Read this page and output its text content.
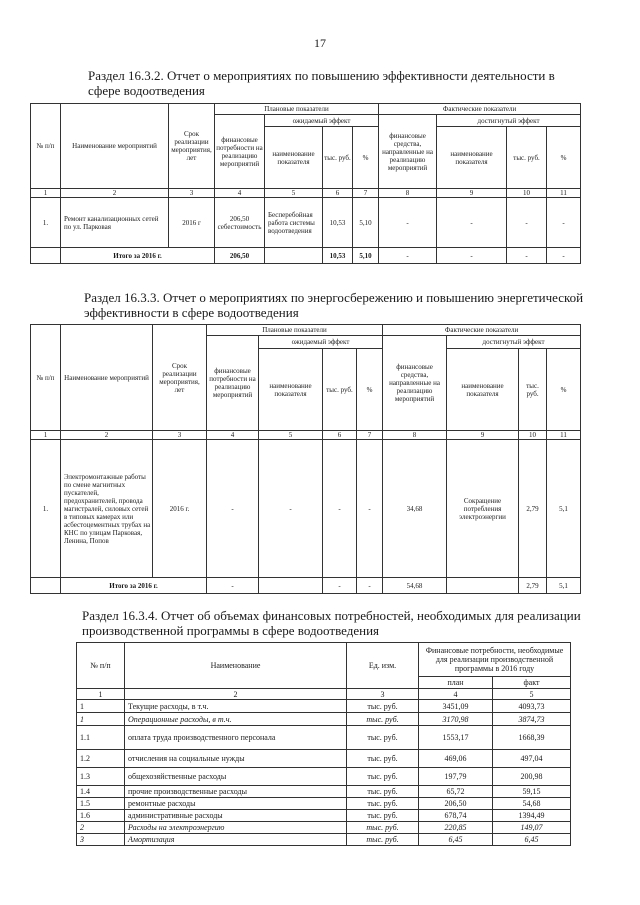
17
Раздел 16.3.2. Отчет о мероприятиях по повышению эффективности деятельности в сфере водоотведения
№ п/п	Наименование мероприятий	Срок реализации мероприятия, лет	Плановые показатели				Фактические показатели			
			финансовые потребности на реализацию мероприятий	ожидаемый эффект			финансовые средства, направленные на реализацию мероприятий	достигнутый эффект		
				наименование показателя	тыс. руб.	%		наименование показателя	тыс. руб.	%
1	2	3	4	5	6	7	8	9	10	11
1.	Ремонт канализационных сетей по ул. Парковая	2016 г	206,50 себестоимость	Бесперебойная работа системы водоотведения	10,53	5,10	-	-	-	-
	Итого за 2016 г.		206,50		10,53	5,10	-	-	-	-
Раздел 16.3.3. Отчет о мероприятиях по энергосбережению и повышению энергетической эффективности в сфере водоотведения
№ п/п	Наименование мероприятий	Срок реализации мероприятия, лет	Плановые показатели				Фактические показатели			
			финансовые потребности на реализацию мероприятий	ожидаемый эффект			финансовые средства, направленные на реализацию мероприятий	достигнутый эффект		
				наименование показателя	тыс. руб.	%		наименование показателя	тыс. руб.	%
1	2	3	4	5	6	7	8	9	10	11
1.	Электромонтажные работы по смене магнитных пускателей, предохранителей, провода магистралей, силовых сетей в типовых камерах или асбестоцементных трубах на КНС по улицам Парковая, Ленина, Попов	2016 г.	-	-	-	-	34,68	Сокращение потребления электроэнергии	2,79	5,1
	Итого за 2016 г.		-		-	-	54,68		2,79	5,1
Раздел 16.3.4. Отчет об объемах финансовых потребностей, необходимых для реализации производственной программы в сфере водоотведения
№ п/п	Наименование	Ед. изм.	Финансовые потребности, необходимые для реализации производственной программы в 2016 году	
			план	факт
1	2	3	4	5
1	Текущие расходы, в т.ч.	тыс. руб.	3451,09	4093,73
1	Операционные расходы, в т.ч.	тыс. руб.	3170,98	3874,73
1.1	оплата труда производственного персонала	тыс. руб.	1553,17	1668,39
1.2	отчисления на социальные нужды	тыс. руб.	469,06	497,04
1.3	общехозяйственные расходы	тыс. руб.	197,79	200,98
1.4	прочие производственные расходы	тыс. руб.	65,72	59,15
1.5	ремонтные расходы	тыс. руб.	206,50	54,68
1.6	административные расходы	тыс. руб.	678,74	1394,49
2	Расходы на электроэнергию	тыс. руб.	220,85	149,07
3	Амортизация	тыс. руб.	6,45	6,45
